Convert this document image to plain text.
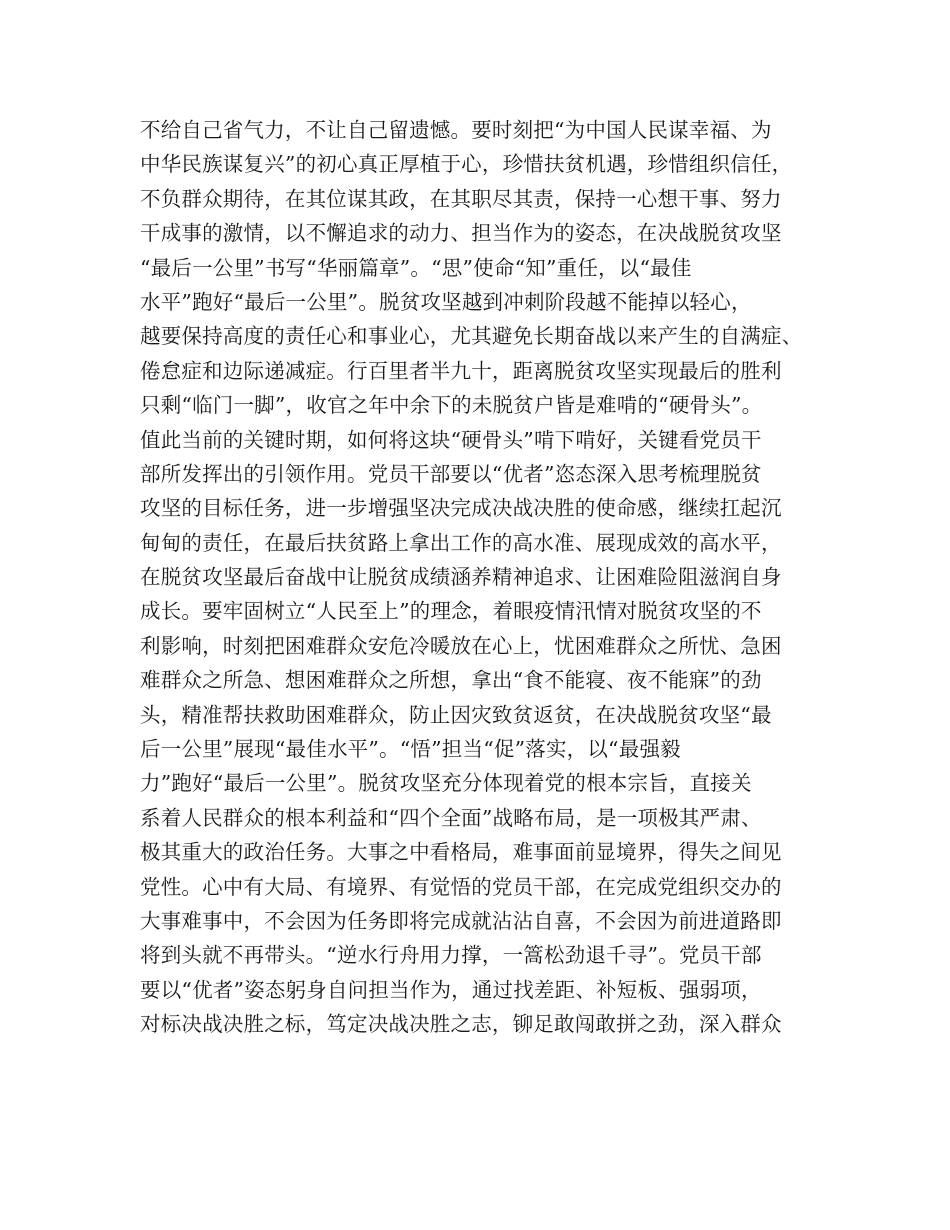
不给自己省气力，不让自己留遗憾。要时刻把“为中国人民谋幸福、为
中华民族谋复兴”的初心真正厚植于心，珍惜扶贫机遇，珍惜组织信任，
不负群众期待，在其位谋其政，在其职尽其责，保持一心想干事、努力
干成事的激情，以不懈追求的动力、担当作为的姿态，在决战脱贫攻坚
“最后一公里”书写“华丽篇章”。“思”使命“知”重任，以“最佳
水平”跑好“最后一公里”。脱贫攻坚越到冲刺阶段越不能掉以轻心，
越要保持高度的责任心和事业心，尤其避免长期奋战以来产生的自满症、
倦怠症和边际递减症。行百里者半九十，距离脱贫攻坚实现最后的胜利
只剩“临门一脚”，收官之年中余下的未脱贫户皆是难啃的“硬骨头”。
值此当前的关键时期，如何将这块“硬骨头”啃下啃好，关键看党员干
部所发挥出的引领作用。党员干部要以“优者”恣态深入思考梳理脱贫
攻坚的目标任务，进一步增强坚决完成决战决胜的使命感，继续扛起沉
甸甸的责任，在最后扶贫路上拿出工作的高水准、展现成效的高水平，
在脱贫攻坚最后奋战中让脱贫成绩涵养精神追求、让困难险阻滋润自身
成长。要牢固树立“人民至上”的理念，着眼疫情汛情对脱贫攻坚的不
利影响，时刻把困难群众安危冷暖放在心上，忧困难群众之所忧、急困
难群众之所急、想困难群众之所想，拿出“食不能寝、夜不能寐”的劲
头，精准帮扶救助困难群众，防止因灾致贫返贫，在决战脱贫攻坚“最
后一公里”展现“最佳水平”。“悟”担当“促”落实，以“最强毅
力”跑好“最后一公里”。脱贫攻坚充分体现着党的根本宗旨，直接关
系着人民群众的根本利益和“四个全面”战略布局，是一项极其严肃、
极其重大的政治任务。大事之中看格局，难事面前显境界，得失之间见
党性。心中有大局、有境界、有觉悟的党员干部，在完成党组织交办的
大事难事中，不会因为任务即将完成就沾沾自喜，不会因为前进道路即
将到头就不再带头。“逆水行舟用力撑，一篙松劲退千寻”。党员干部
要以“优者”姿态躬身自问担当作为，通过找差距、补短板、强弱项，
对标决战决胜之标，笃定决战决胜之志，铆足敢闯敢拼之劲，深入群众
